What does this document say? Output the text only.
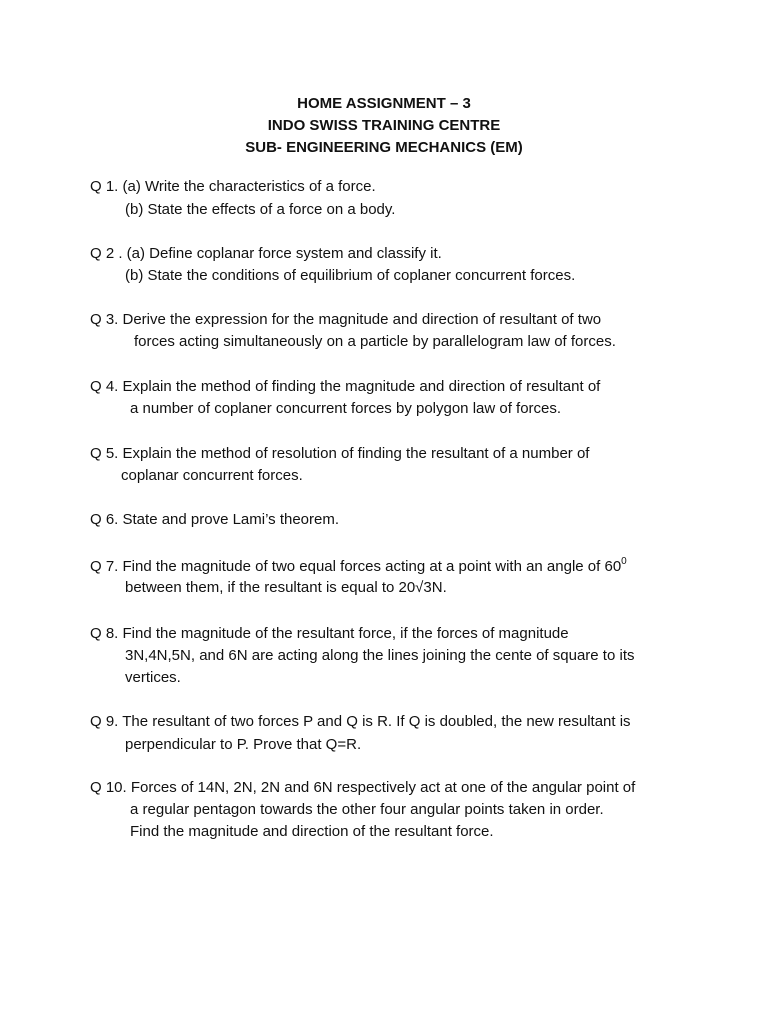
HOME ASSIGNMENT – 3
INDO SWISS TRAINING CENTRE
SUB- ENGINEERING MECHANICS (EM)
Q 1. (a) Write the characteristics of a force.
(b) State the effects of a force on a body.
Q 2 . (a) Define coplanar force system and classify it.
(b) State the conditions of equilibrium of coplaner concurrent forces.
Q 3. Derive the expression for the magnitude and direction of resultant of two
forces acting simultaneously on a particle by parallelogram law of forces.
Q 4. Explain the method of finding the magnitude and direction of resultant of
a number of coplaner concurrent forces by polygon law of forces.
Q 5. Explain the method of resolution of finding the resultant of a number of
coplanar concurrent forces.
Q 6. State and prove Lami’s theorem.
Q 7. Find the magnitude of two equal forces acting at a point with an angle of $60^0$
between them, if the resultant is equal to 20√3N.
Q 8. Find the magnitude of the resultant force, if the forces of magnitude
3N,4N,5N, and 6N are acting along the lines joining the cente of square to its
vertices.
Q 9. The resultant of two forces P and Q is R. If Q is doubled, the new resultant is
perpendicular to P. Prove that Q=R.
Q 10. Forces of 14N, 2N, 2N and 6N respectively act at one of the angular point of
a regular pentagon towards the other four angular points taken in order.
Find the magnitude and direction of the resultant force.
